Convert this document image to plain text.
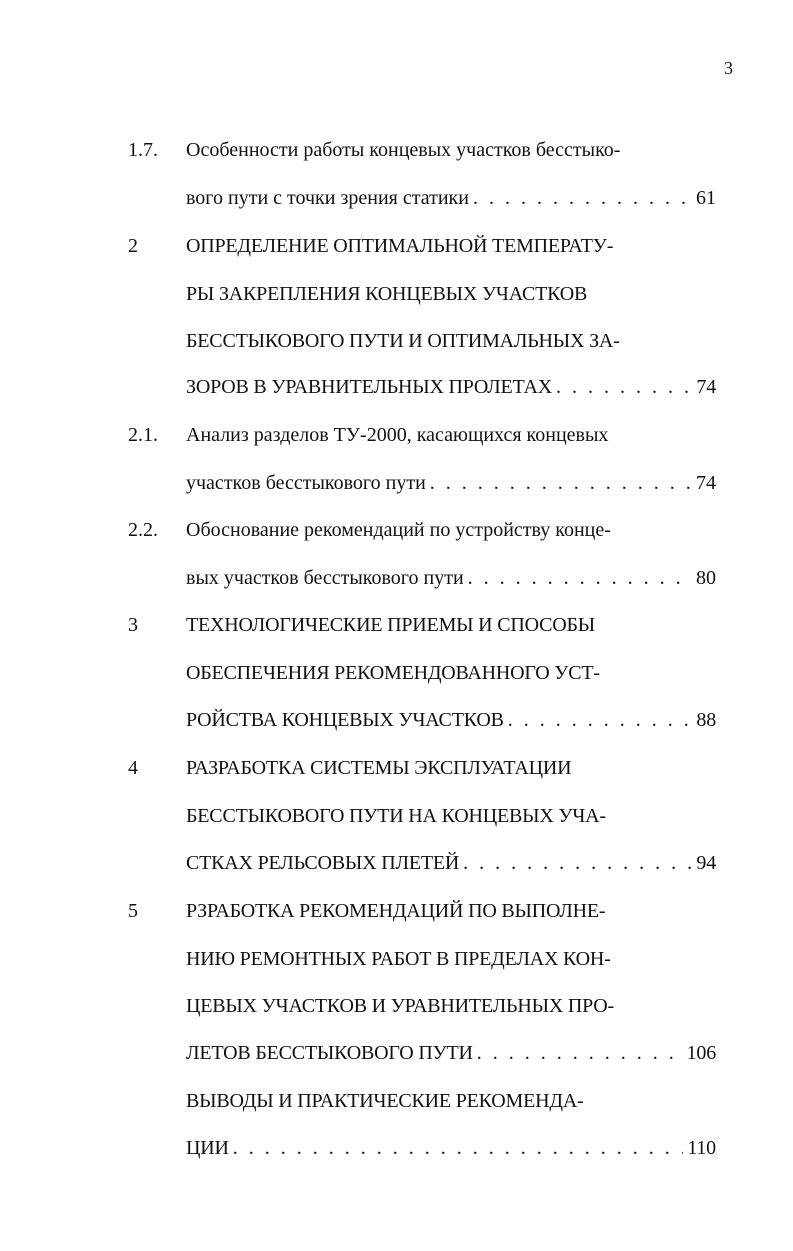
3
1.7.	Особенности работы концевых участков бесстыко-
вого пути с точки зрения статики . . .	61
2	ОПРЕДЕЛЕНИЕ ОПТИМАЛЬНОЙ ТЕМПЕРАТУ-
РЫ ЗАКРЕПЛЕНИЯ КОНЦЕВЫХ УЧАСТКОВ
БЕССТЫКОВОГО ПУТИ И ОПТИМАЛЬНЫХ ЗА-
ЗОРОВ В УРАВНИТЕЛЬНЫХ ПРОЛЕТАХ . . .	74
2.1.	Анализ разделов ТУ-2000, касающихся концевых
участков бесстыкового пути . . .	74
2.2.	Обоснование рекомендаций по устройству конце-
вых участков бесстыкового пути . . .	80
3	ТЕХНОЛОГИЧЕСКИЕ ПРИЕМЫ И СПОСОБЫ
ОБЕСПЕЧЕНИЯ РЕКОМЕНДОВАННОГО УСТ-
РОЙСТВА КОНЦЕВЫХ УЧАСТКОВ . . .	88
4	РАЗРАБОТКА СИСТЕМЫ ЭКСПЛУАТАЦИИ
БЕССТЫКОВОГО ПУТИ НА КОНЦЕВЫХ УЧА-
СТКАХ РЕЛЬСОВЫХ ПЛЕТЕЙ . . .	94
5	РЗРАБОТКА РЕКОМЕНДАЦИЙ ПО ВЫПОЛНЕ-
НИЮ РЕМОНТНЫХ РАБОТ В ПРЕДЕЛАХ КОН-
ЦЕВЫХ УЧАСТКОВ И УРАВНИТЕЛЬНЫХ ПРО-
ЛЕТОВ БЕССТЫКОВОГО ПУТИ . . .	106
ВЫВОДЫ И ПРАКТИЧЕСКИЕ РЕКОМЕНДА-
ЦИИ . . .	110
